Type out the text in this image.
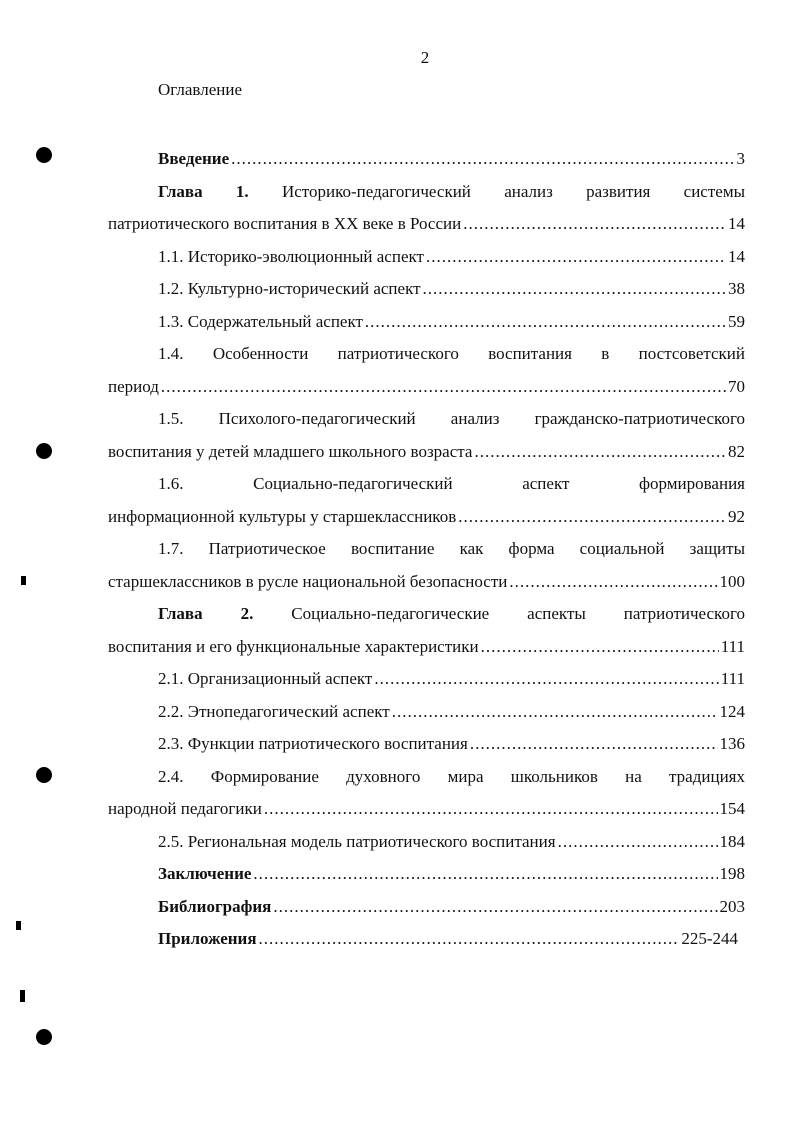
2
Оглавление
Введение .....	3
Глава 1. Историко-педагогический анализ развития системы
патриотического воспитания в XX веке в России .....	14
1.1. Историко-эволюционный аспект .....	14
1.2. Культурно-исторический аспект .....	38
1.3. Содержательный аспект .....	59
1.4. Особенности патриотического воспитания в постсоветский
период .....	70
1.5. Психолого-педагогический анализ гражданско-патриотического
воспитания у детей младшего школьного возраста .....	82
1.6. Социально-педагогический аспект формирования
информационной культуры у старшеклассников .....	92
1.7. Патриотическое воспитание как форма социальной защиты
старшеклассников в русле национальной безопасности .....	100
Глава 2. Социально-педагогические аспекты патриотического
воспитания и его функциональные характеристики .....	111
2.1. Организационный аспект .....	111
2.2. Этнопедагогический аспект .....	124
2.3. Функции патриотического воспитания .....	136
2.4. Формирование духовного мира школьников на традициях
народной педагогики .....	154
2.5. Региональная модель патриотического воспитания .....	184
Заключение .....	198
Библиография .....	203
Приложения .....	225-244
